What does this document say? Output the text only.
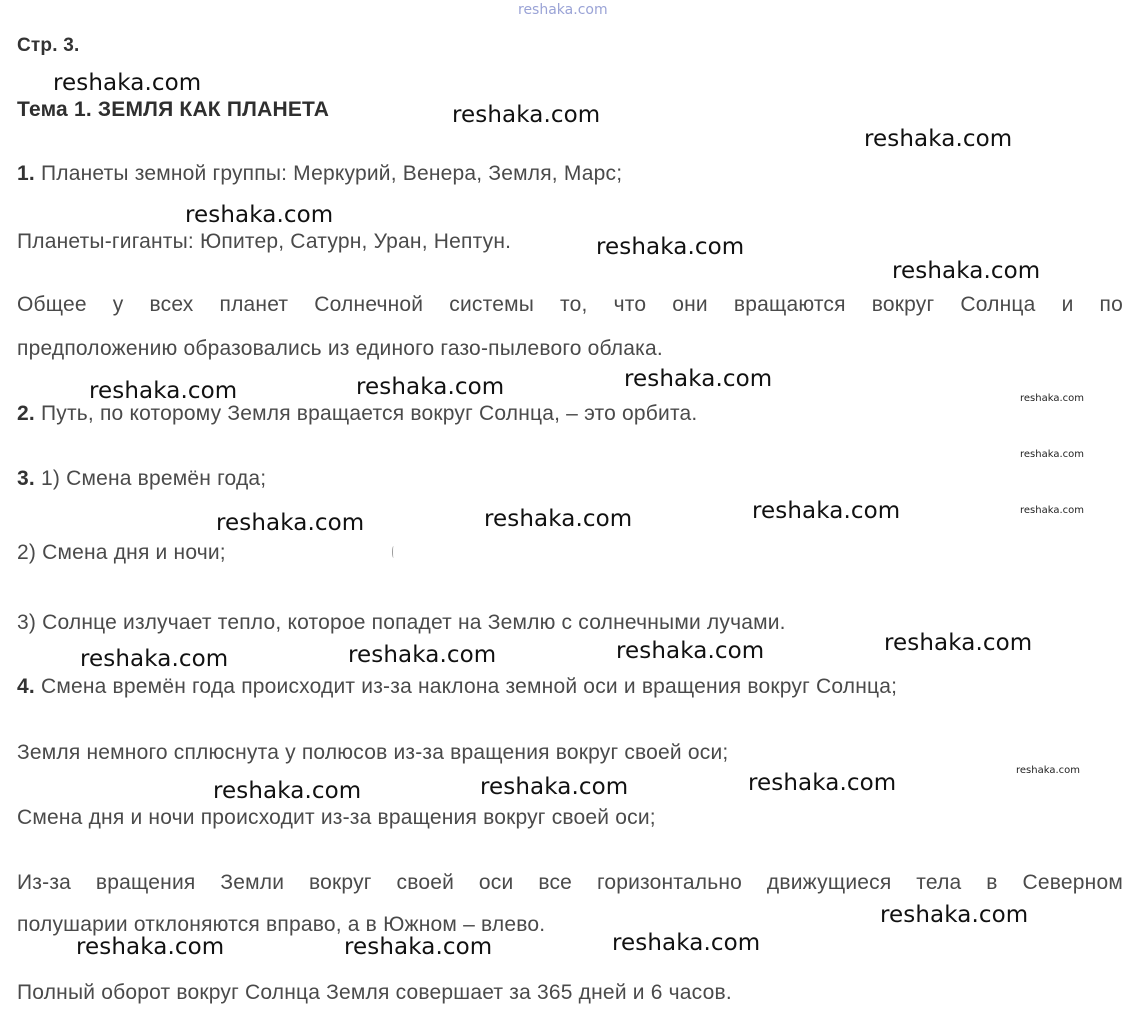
reshaka.com
Стр. 3.
Тема 1. ЗЕМЛЯ КАК ПЛАНЕТА
1. Планеты земной группы: Меркурий, Венера, Земля, Марс;
Планеты-гиганты: Юпитер, Сатурн, Уран, Нептун.
Общее у всех планет Солнечной системы то, что они вращаются вокруг Солнца и по
предположению образовались из единого газо-пылевого облака.
2. Путь, по которому Земля вращается вокруг Солнца, – это орбита.
3. 1) Смена времён года;
2) Смена дня и ночи;
3) Солнце излучает тепло, которое попадет на Землю с солнечными лучами.
4. Смена времён года происходит из-за наклона земной оси и вращения вокруг Солнца;
Земля немного сплюснута у полюсов из-за вращения вокруг своей оси;
Смена дня и ночи происходит из-за вращения вокруг своей оси;
Из-за вращения Земли вокруг своей оси все горизонтально движущиеся тела в Северном
полушарии отклоняются вправо, а в Южном – влево.
Полный оборот вокруг Солнца Земля совершает за 365 дней и 6 часов.
reshaka.com
reshaka.com
reshaka.com
reshaka.com
reshaka.com
reshaka.com
reshaka.com	reshaka.com	reshaka.com
reshaka.com	reshaka.com	reshaka.com
reshaka.com	reshaka.com	reshaka.com	reshaka.com
reshaka.com	reshaka.com	reshaka.com
reshaka.com
reshaka.com	reshaka.com	reshaka.com
reshaka.com
reshaka.com
reshaka.com
reshaka.com
